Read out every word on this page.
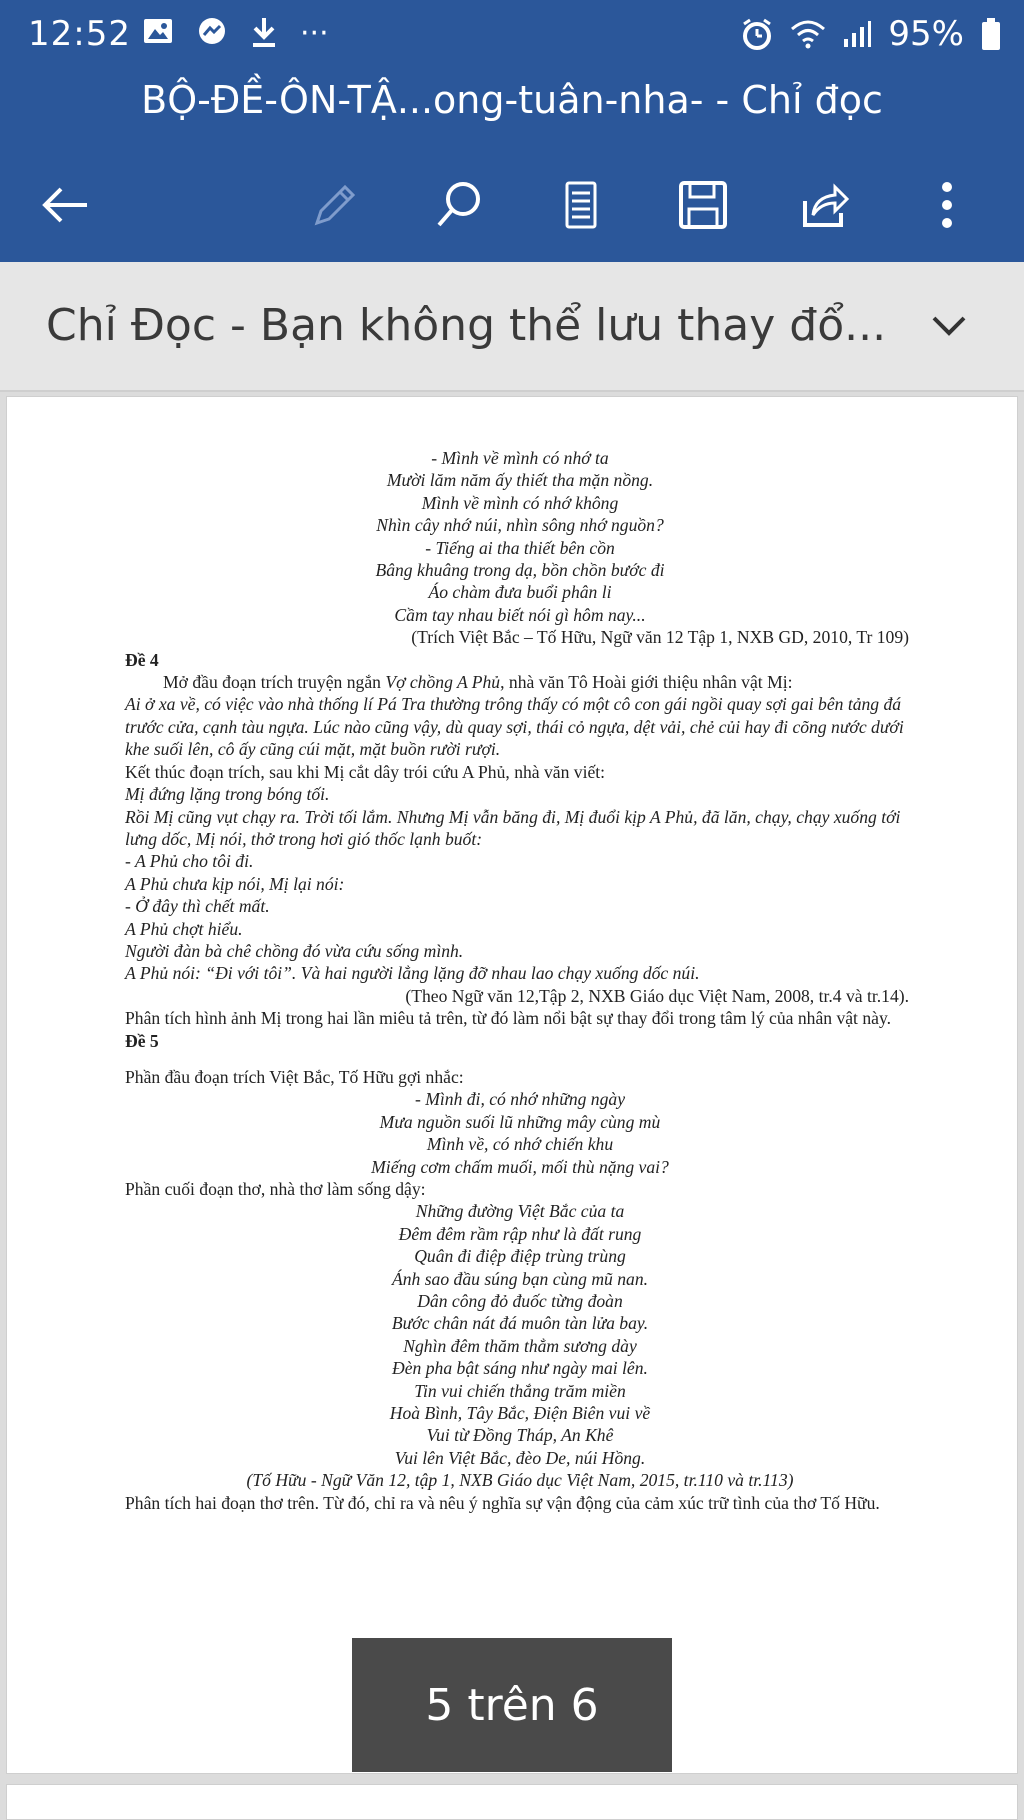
12:52	···	95%
BỘ-ĐỀ-ÔN-TẬ...ong-tuân-nha- - Chỉ đọc
Chỉ Đọc - Bạn không thể lưu thay đổ...
- Mình về mình có nhớ ta
Mười lăm năm ấy thiết tha mặn nồng.
Mình về mình có nhớ không
Nhìn cây nhớ núi, nhìn sông nhớ nguồn?
- Tiếng ai tha thiết bên cồn
Bâng khuâng trong dạ, bồn chồn bước đi
Áo chàm đưa buổi phân li
Cầm tay nhau biết nói gì hôm nay...
(Trích Việt Bắc – Tố Hữu, Ngữ văn 12 Tập 1, NXB GD, 2010, Tr 109)
Đề 4
Mở đầu đoạn trích truyện ngắn Vợ chồng A Phủ, nhà văn Tô Hoài giới thiệu nhân vật Mị:
Ai ở xa về, có việc vào nhà thống lí Pá Tra thường trông thấy có một cô con gái ngồi quay sợi gai bên tảng đá trước cửa, cạnh tàu ngựa. Lúc nào cũng vậy, dù quay sợi, thái cỏ ngựa, dệt vải, chẻ củi hay đi cõng nước dưới khe suối lên, cô ấy cũng cúi mặt, mặt buồn rười rượi.
Kết thúc đoạn trích, sau khi Mị cắt dây trói cứu A Phủ, nhà văn viết:
Mị đứng lặng trong bóng tối.
Rồi Mị cũng vụt chạy ra. Trời tối lắm. Nhưng Mị vẫn băng đi, Mị đuổi kịp A Phủ, đã lăn, chạy, chạy xuống tới lưng dốc, Mị nói, thở trong hơi gió thốc lạnh buốt:
- A Phủ cho tôi đi.
A Phủ chưa kịp nói, Mị lại nói:
- Ở đây thì chết mất.
A Phủ chợt hiểu.
Người đàn bà chê chồng đó vừa cứu sống mình.
A Phủ nói: “Đi với tôi”. Và hai người lẳng lặng đỡ nhau lao chạy xuống dốc núi.
(Theo Ngữ văn 12,Tập 2, NXB Giáo dục Việt Nam, 2008, tr.4 và tr.14).
Phân tích hình ảnh Mị trong hai lần miêu tả trên, từ đó làm nổi bật sự thay đổi trong tâm lý của nhân vật này.
Đề 5
Phần đầu đoạn trích Việt Bắc, Tố Hữu gợi nhắc:
- Mình đi, có nhớ những ngày
Mưa nguồn suối lũ những mây cùng mù
Mình về, có nhớ chiến khu
Miếng cơm chấm muối, mối thù nặng vai?
Phần cuối đoạn thơ, nhà thơ làm sống dậy:
Những đường Việt Bắc của ta
Đêm đêm rầm rập như là đất rung
Quân đi điệp điệp trùng trùng
Ánh sao đầu súng bạn cùng mũ nan.
Dân công đỏ đuốc từng đoàn
Bước chân nát đá muôn tàn lửa bay.
Nghìn đêm thăm thẳm sương dày
Đèn pha bật sáng như ngày mai lên.
Tin vui chiến thắng trăm miền
Hoà Bình, Tây Bắc, Điện Biên vui về
Vui từ Đồng Tháp, An Khê
Vui lên Việt Bắc, đèo De, núi Hồng.
(Tố Hữu - Ngữ Văn 12, tập 1, NXB Giáo dục Việt Nam, 2015, tr.110 và tr.113)
Phân tích hai đoạn thơ trên. Từ đó, chỉ ra và nêu ý nghĩa sự vận động của cảm xúc trữ tình của thơ Tố Hữu.
5 trên 6
